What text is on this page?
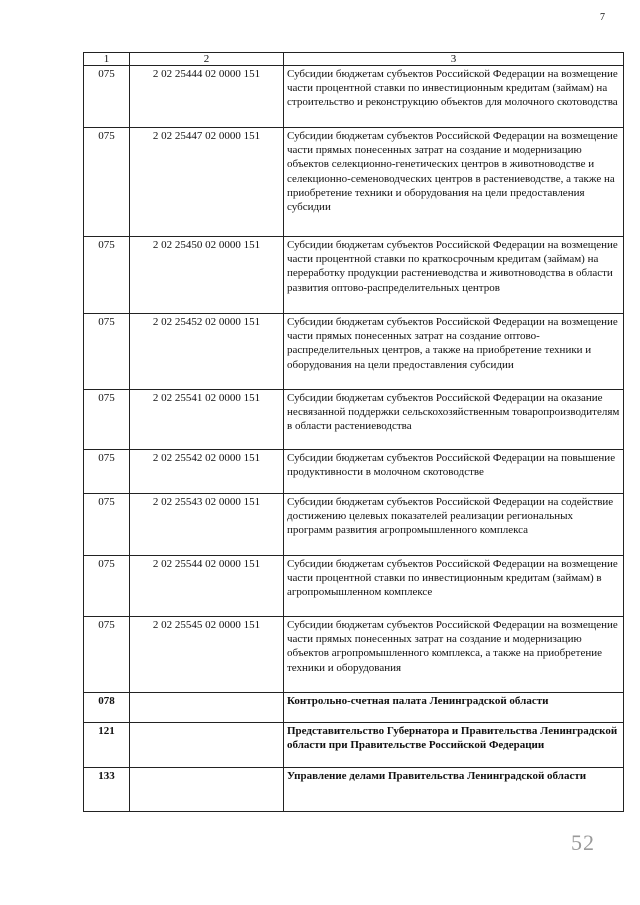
7
1	2	3
075	2 02 25444 02 0000 151	Субсидии бюджетам субъектов Российской Федерации на возмещение части процентной ставки по инвестиционным кредитам (займам) на строительство и реконструкцию объектов для молочного скотоводства
075	2 02 25447 02 0000 151	Субсидии бюджетам субъектов Российской Федерации на возмещение части прямых понесенных затрат на создание и модернизацию объектов селекционно-генетических центров в животноводстве и селекционно-семеноводческих центров в растениеводстве, а также на приобретение техники и оборудования на цели предоставления субсидии
075	2 02 25450 02 0000 151	Субсидии бюджетам субъектов Российской Федерации на возмещение части процентной ставки по краткосрочным кредитам (займам) на переработку продукции растениеводства и животноводства в области развития оптово-распределительных центров
075	2 02 25452 02 0000 151	Субсидии бюджетам субъектов Российской Федерации на возмещение части прямых понесенных затрат на создание оптово-распределительных центров, а также на приобретение техники и оборудования на цели предоставления субсидии
075	2 02 25541 02 0000 151	Субсидии бюджетам субъектов Российской Федерации на оказание несвязанной поддержки сельскохозяйственным товаропроизводителям в области растениеводства
075	2 02 25542 02 0000 151	Субсидии бюджетам субъектов Российской Федерации на повышение продуктивности в молочном скотоводстве
075	2 02 25543 02 0000 151	Субсидии бюджетам субъектов Российской Федерации на содействие достижению целевых показателей реализации региональных программ развития агропромышленного комплекса
075	2 02 25544 02 0000 151	Субсидии бюджетам субъектов Российской Федерации на возмещение части процентной ставки по инвестиционным кредитам (займам) в агропромышленном комплексе
075	2 02 25545 02 0000 151	Субсидии бюджетам субъектов Российской Федерации на возмещение части прямых понесенных затрат на создание и модернизацию объектов агропромышленного комплекса, а также на приобретение техники и оборудования
078		Контрольно-счетная палата Ленинградской области
121		Представительство Губернатора и Правительства Ленинградской области при Правительстве Российской Федерации
133		Управление делами Правительства Ленинградской области
52
